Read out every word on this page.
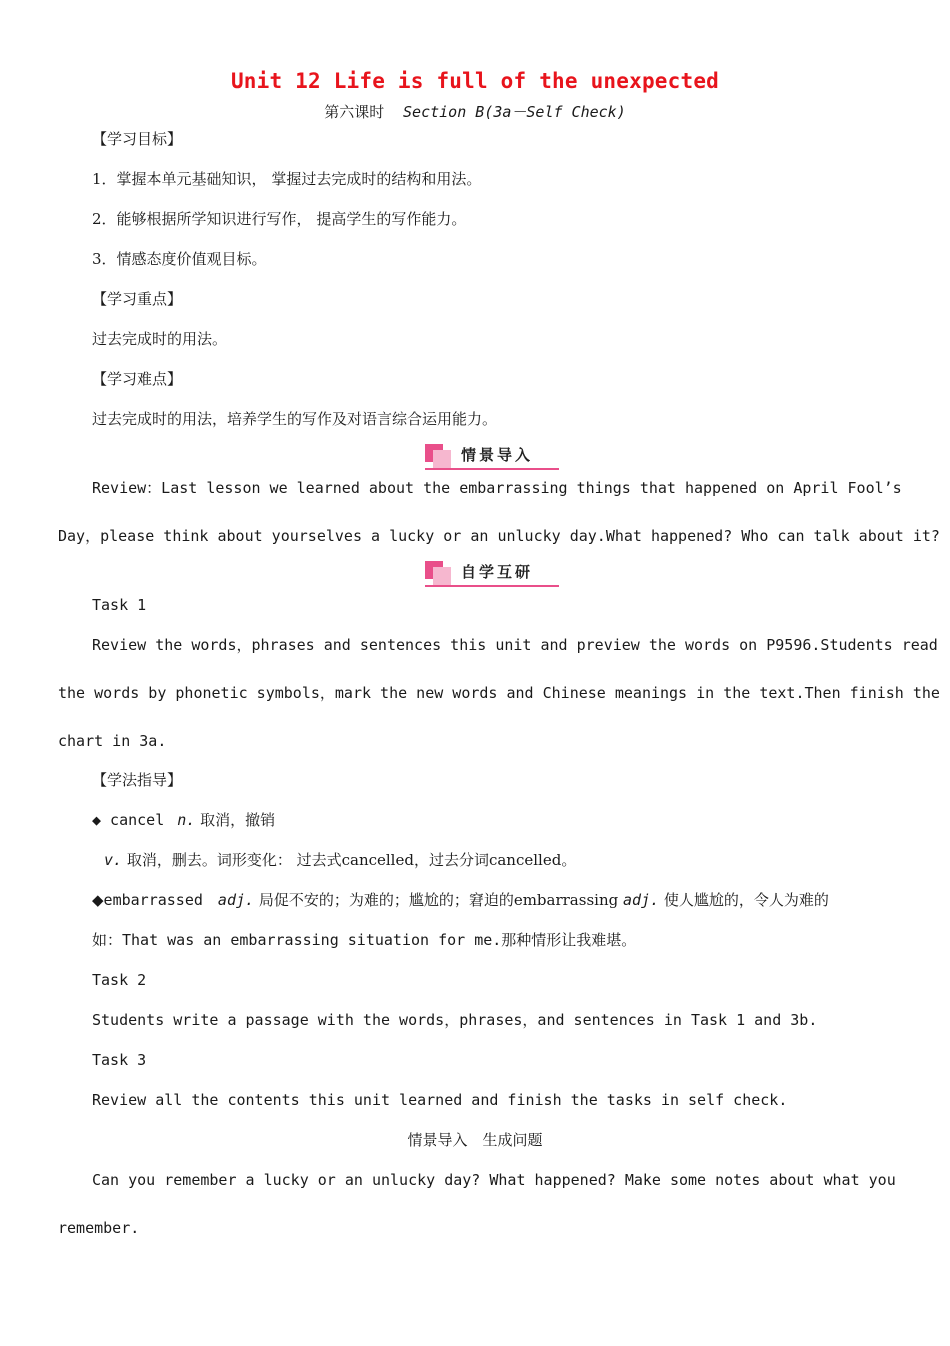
Unit 12 Life is full of the unexpected
第六课时 Section B(3a－Self Check)
【学习目标】
1．掌握本单元基础知识， 掌握过去完成时的结构和用法。
2．能够根据所学知识进行写作， 提高学生的写作能力。
3．情感态度价值观目标。
【学习重点】
过去完成时的用法。
【学习难点】
过去完成时的用法，培养学生的写作及对语言综合运用能力。
情景导入
Review：Last lesson we learned about the embarrassing things that happened on April Fool’s
Day，please think about yourselves a lucky or an unlucky day.What happened? Who can talk about it?
自学互研
Task 1
Review the words，phrases and sentences this unit and preview the words on P9596.Students read
the words by phonetic symbols，mark the new words and Chinese meanings in the text.Then finish the
chart in 3a.
【学法指导】
◆ cancel n. 取消，撤销
v. 取消，删去。词形变化： 过去式cancelled，过去分词cancelled。
◆embarrassed adj. 局促不安的；为难的；尴尬的；窘迫的embarrassing adj. 使人尴尬的，令人为难的
如：That was an embarrassing situation for me.那种情形让我难堪。
Task 2
Students write a passage with the words，phrases，and sentences in Task 1 and 3b.
Task 3
Review all the contents this unit learned and finish the tasks in self check.
情景导入　生成问题
Can you remember a lucky or an unlucky day? What happened? Make some notes about what you
remember.
